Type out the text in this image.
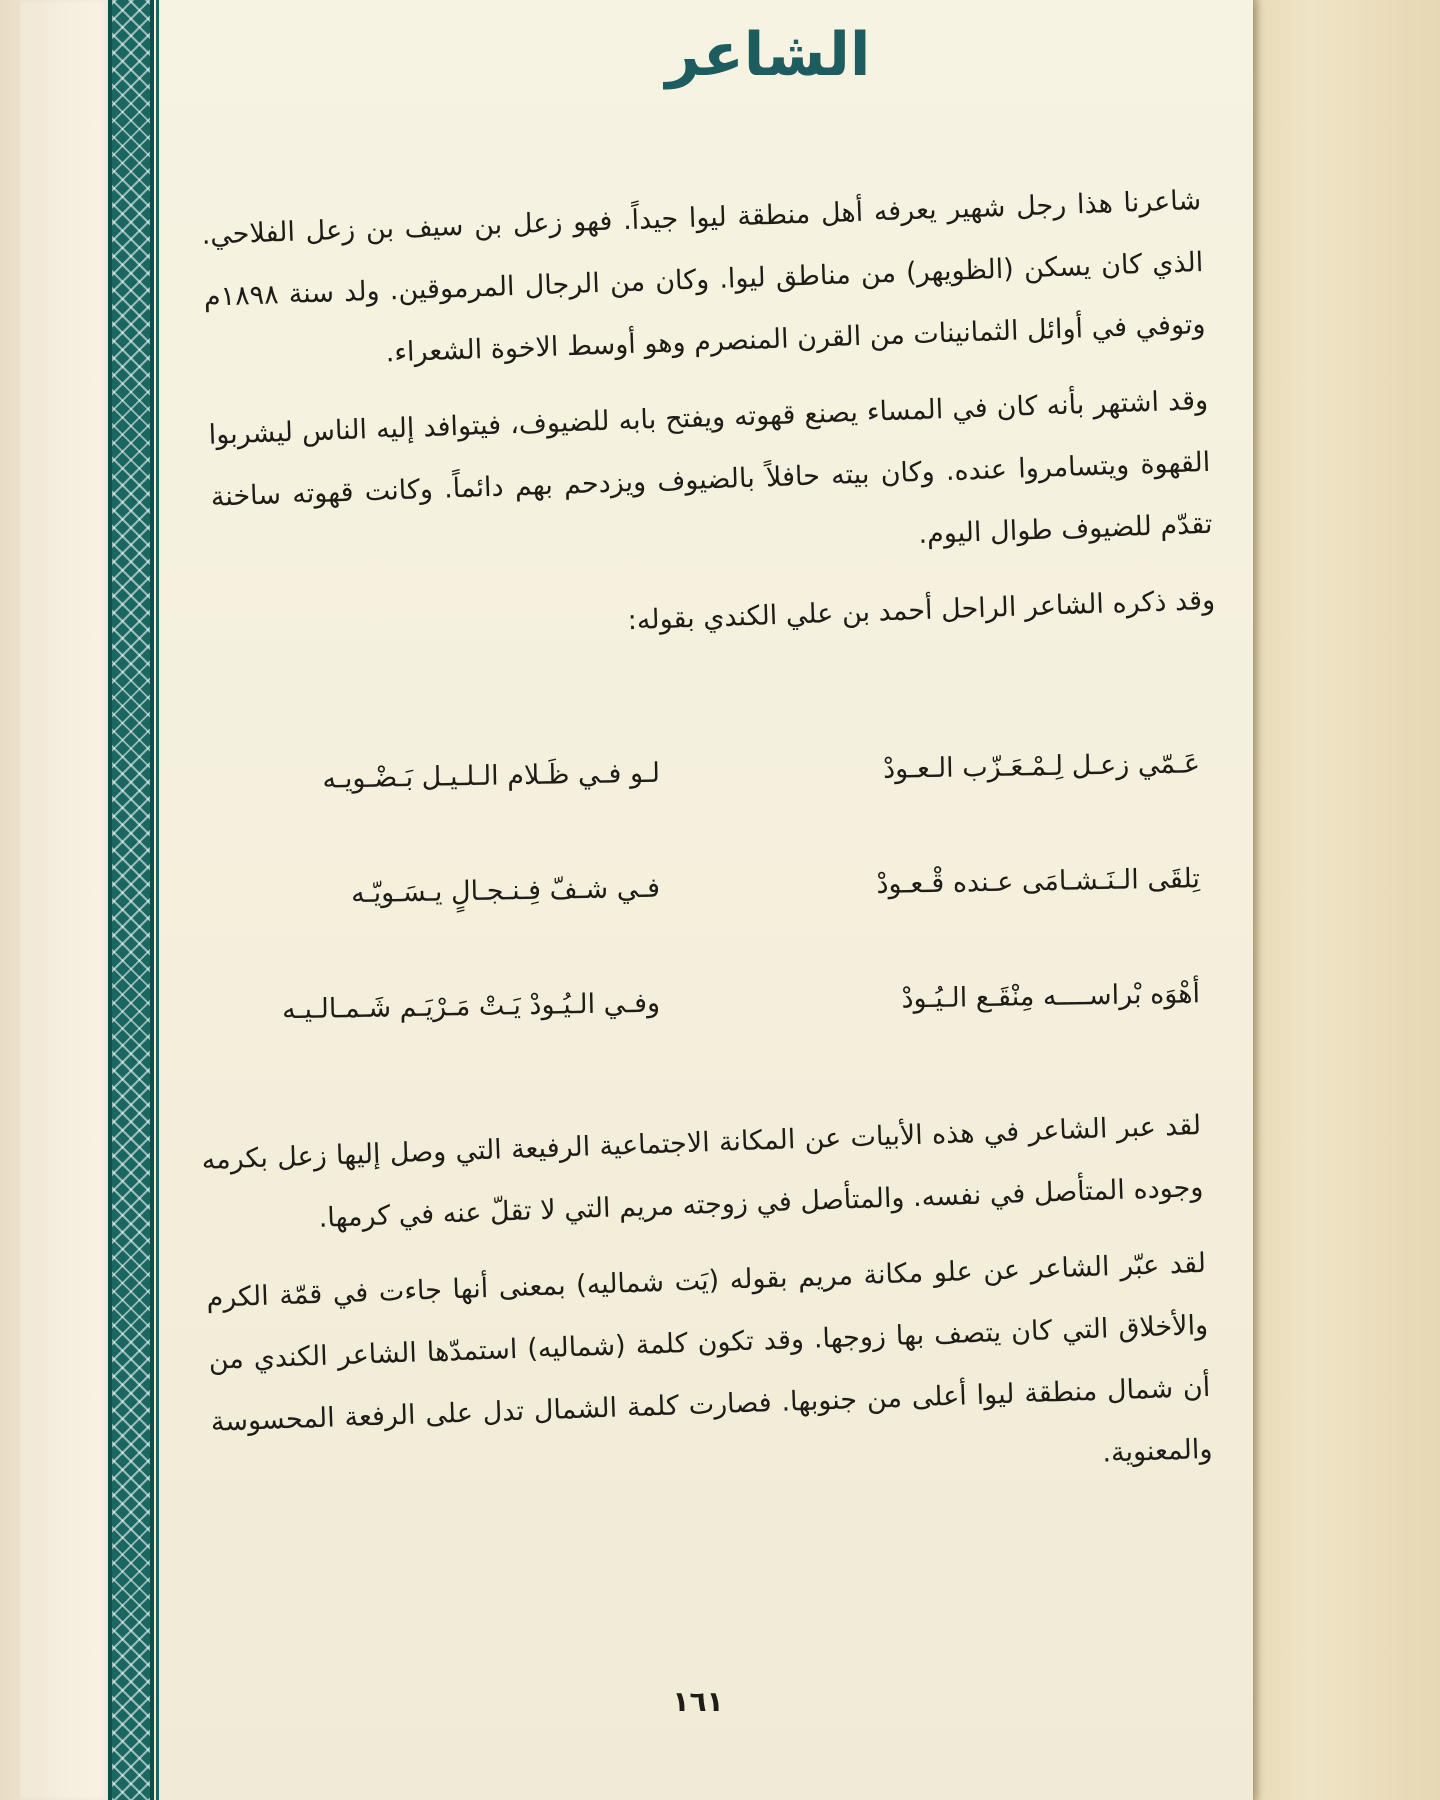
الشاعر

شاعرنا هذا رجل شهير يعرفه أهل منطقة ليوا جيداً. فهو زعل بن سيف بن زعل الفلاحي. الذي كان يسكن (الظويهر) من مناطق ليوا. وكان من الرجال المرموقين. ولد سنة ١٨٩٨م وتوفي في أوائل الثمانينات من القرن المنصرم وهو أوسط الاخوة الشعراء.

وقد اشتهر بأنه كان في المساء يصنع قهوته ويفتح بابه للضيوف، فيتوافد إليه الناس ليشربوا القهوة ويتسامروا عنده. وكان بيته حافلاً بالضيوف ويزدحم بهم دائماً. وكانت قهوته ساخنة تقدّم للضيوف طوال اليوم.

وقد ذكره الشاعر الراحل أحمد بن علي الكندي بقوله:

عَـمّي زعـل لِـمْـعَـزّب الـعـودْ
لـو فـي ظَـلام الـلـيـل بَـضْـويـه
تِلقَى الـنَـشـامَى عـنده قْـعـودْ
فـي شـفّ فِـنـجـالٍ يـسَـويّـه
أهْوَه بْراســــه مِنْقَـع الـيُـودْ
وفـي الـيُـودْ يَـتْ مَـرْيَـم شَـمـالـيـه

لقد عبر الشاعر في هذه الأبيات عن المكانة الاجتماعية الرفيعة التي وصل إليها زعل بكرمه وجوده المتأصل في نفسه. والمتأصل في زوجته مريم التي لا تقلّ عنه في كرمها.

لقد عبّر الشاعر عن علو مكانة مريم بقوله (يَت شماليه) بمعنى أنها جاءت في قمّة الكرم والأخلاق التي كان يتصف بها زوجها. وقد تكون كلمة (شماليه) استمدّها الشاعر الكندي من أن شمال منطقة ليوا أعلى من جنوبها. فصارت كلمة الشمال تدل على الرفعة المحسوسة والمعنوية.

١٦١
